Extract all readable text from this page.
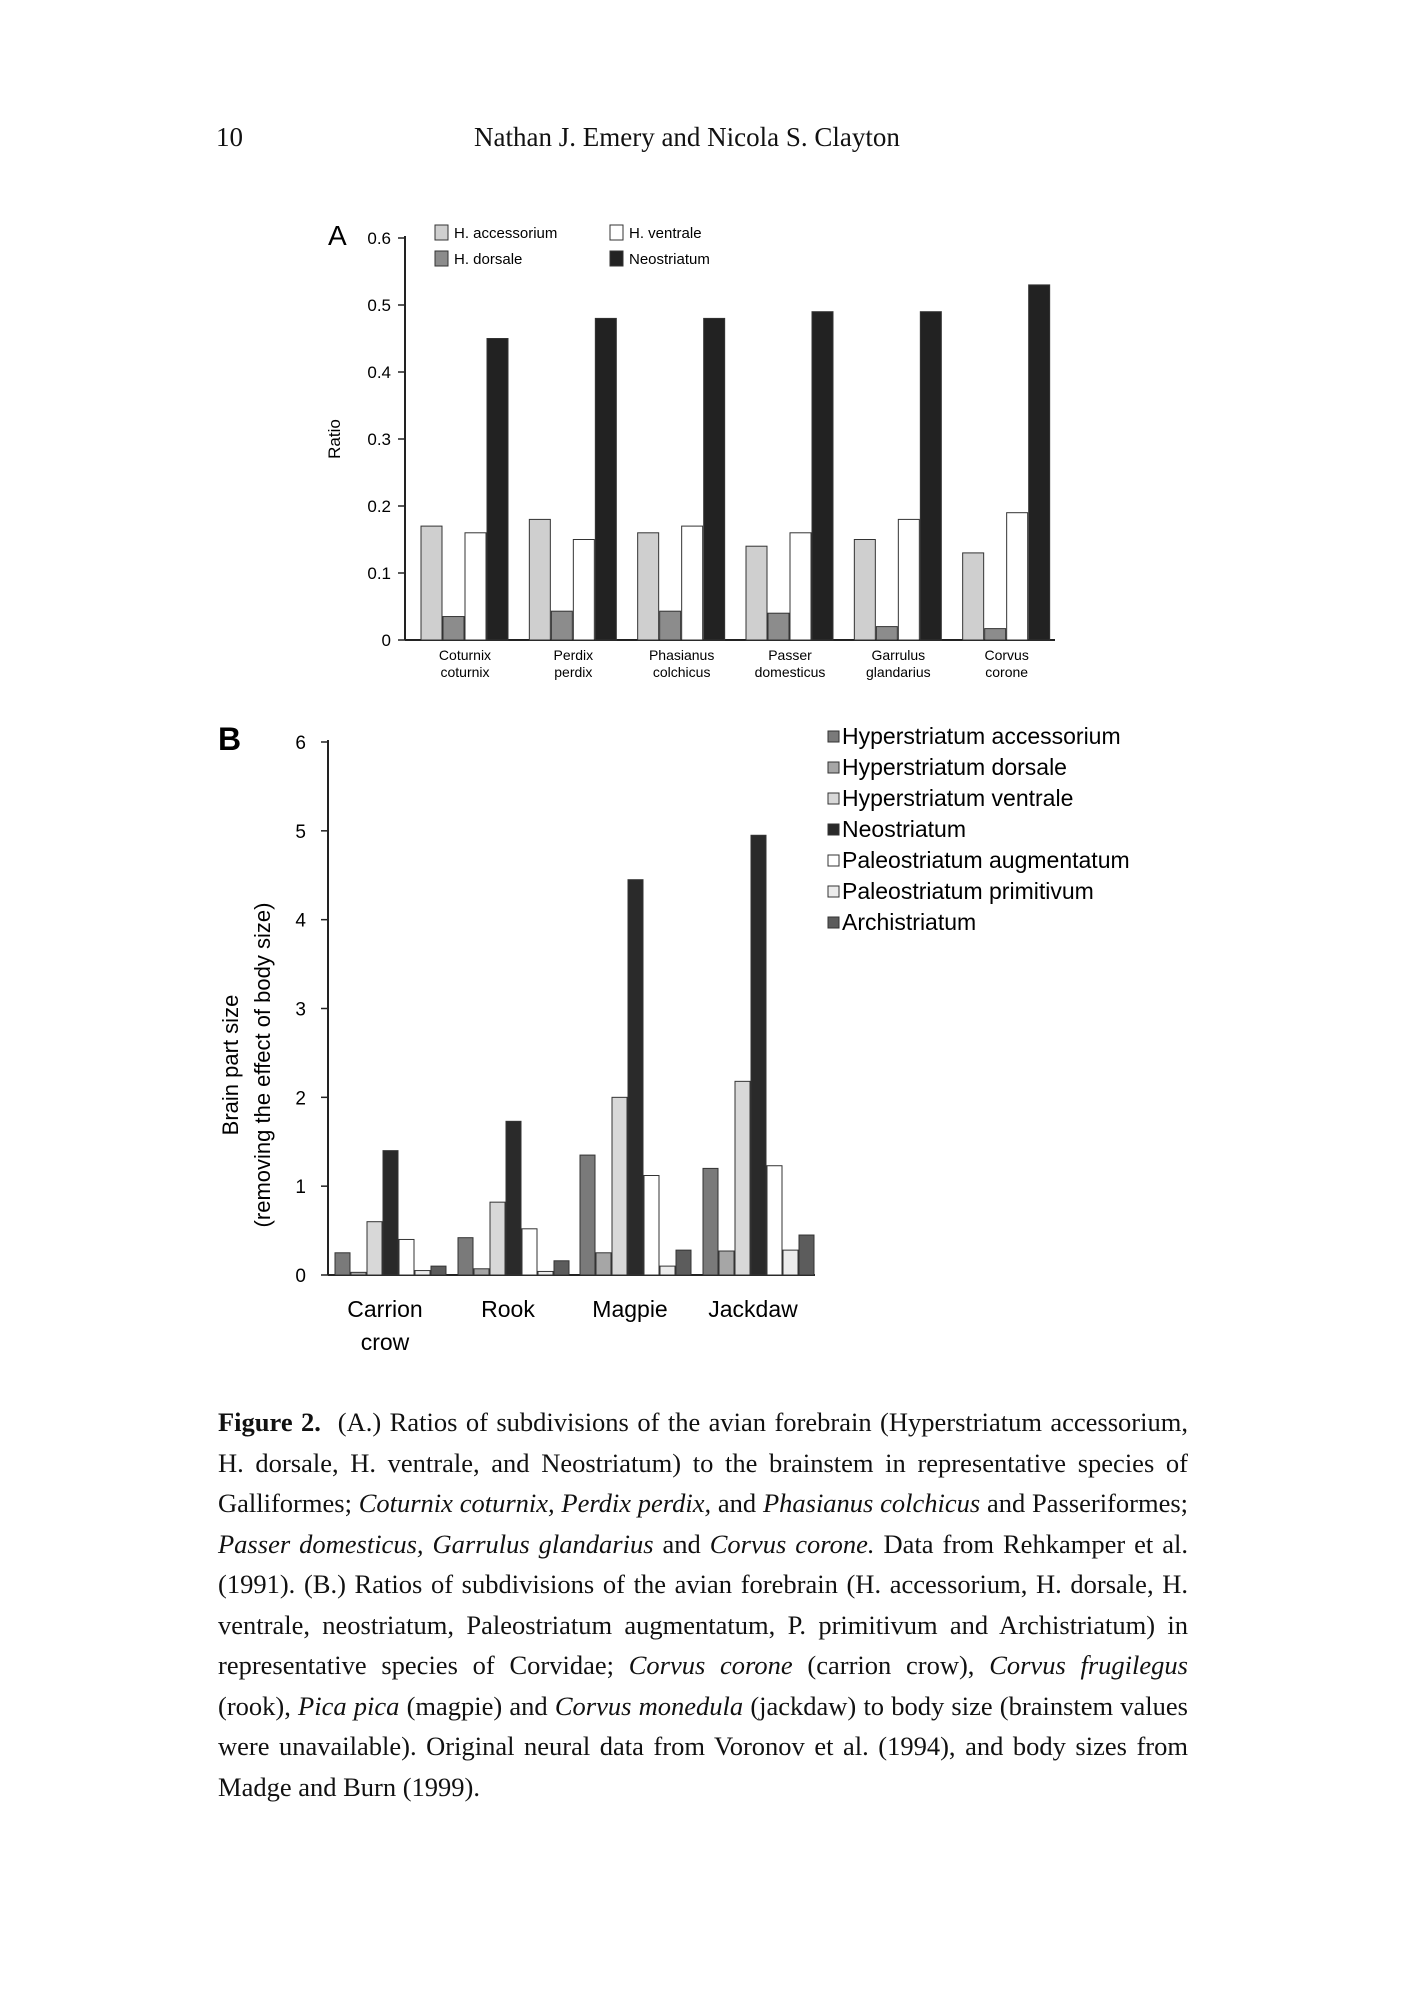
10	Nathan J. Emery and Nicola S. Clayton
A
Ratio
0
0.1
0.2
0.3
0.4
0.5
0.6
Coturnix
coturnix
Perdix
perdix
Phasianus
colchicus
Passer
domesticus
Garrulus
glandarius
Corvus
corone
H. accessorium	H. ventrale
H. dorsale	Neostriatum
B
Brain part size (removing the effect of body size)
0
1
2
3
4
5
6
Carrion
crow
Rook Magpie Jackdaw
Hyperstriatum accessorium
Hyperstriatum dorsale
Hyperstriatum ventrale
Neostriatum
Paleostriatum augmentatum
Paleostriatum primitivum
Archistriatum
Figure 2. (A.) Ratios of subdivisions of the avian forebrain (Hyperstriatum accessorium, H. dorsale, H. ventrale, and Neostriatum) to the brainstem in representative species of Galliformes; Coturnix coturnix, Perdix perdix, and Phasianus colchicus and Passeriformes; Passer domesticus, Garrulus glandarius and Corvus corone. Data from Rehkamper et al. (1991). (B.) Ratios of subdivisions of the avian forebrain (H. accessorium, H. dorsale, H. ventrale, neostriatum, Paleostriatum augmentatum, P. primitivum and Archistriatum) in representative species of Corvidae; Corvus corone (carrion crow), Corvus frugilegus (rook), Pica pica (magpie) and Corvus monedula (jackdaw) to body size (brainstem values were unavailable). Original neural data from Voronov et al. (1994), and body sizes from Madge and Burn (1999).
